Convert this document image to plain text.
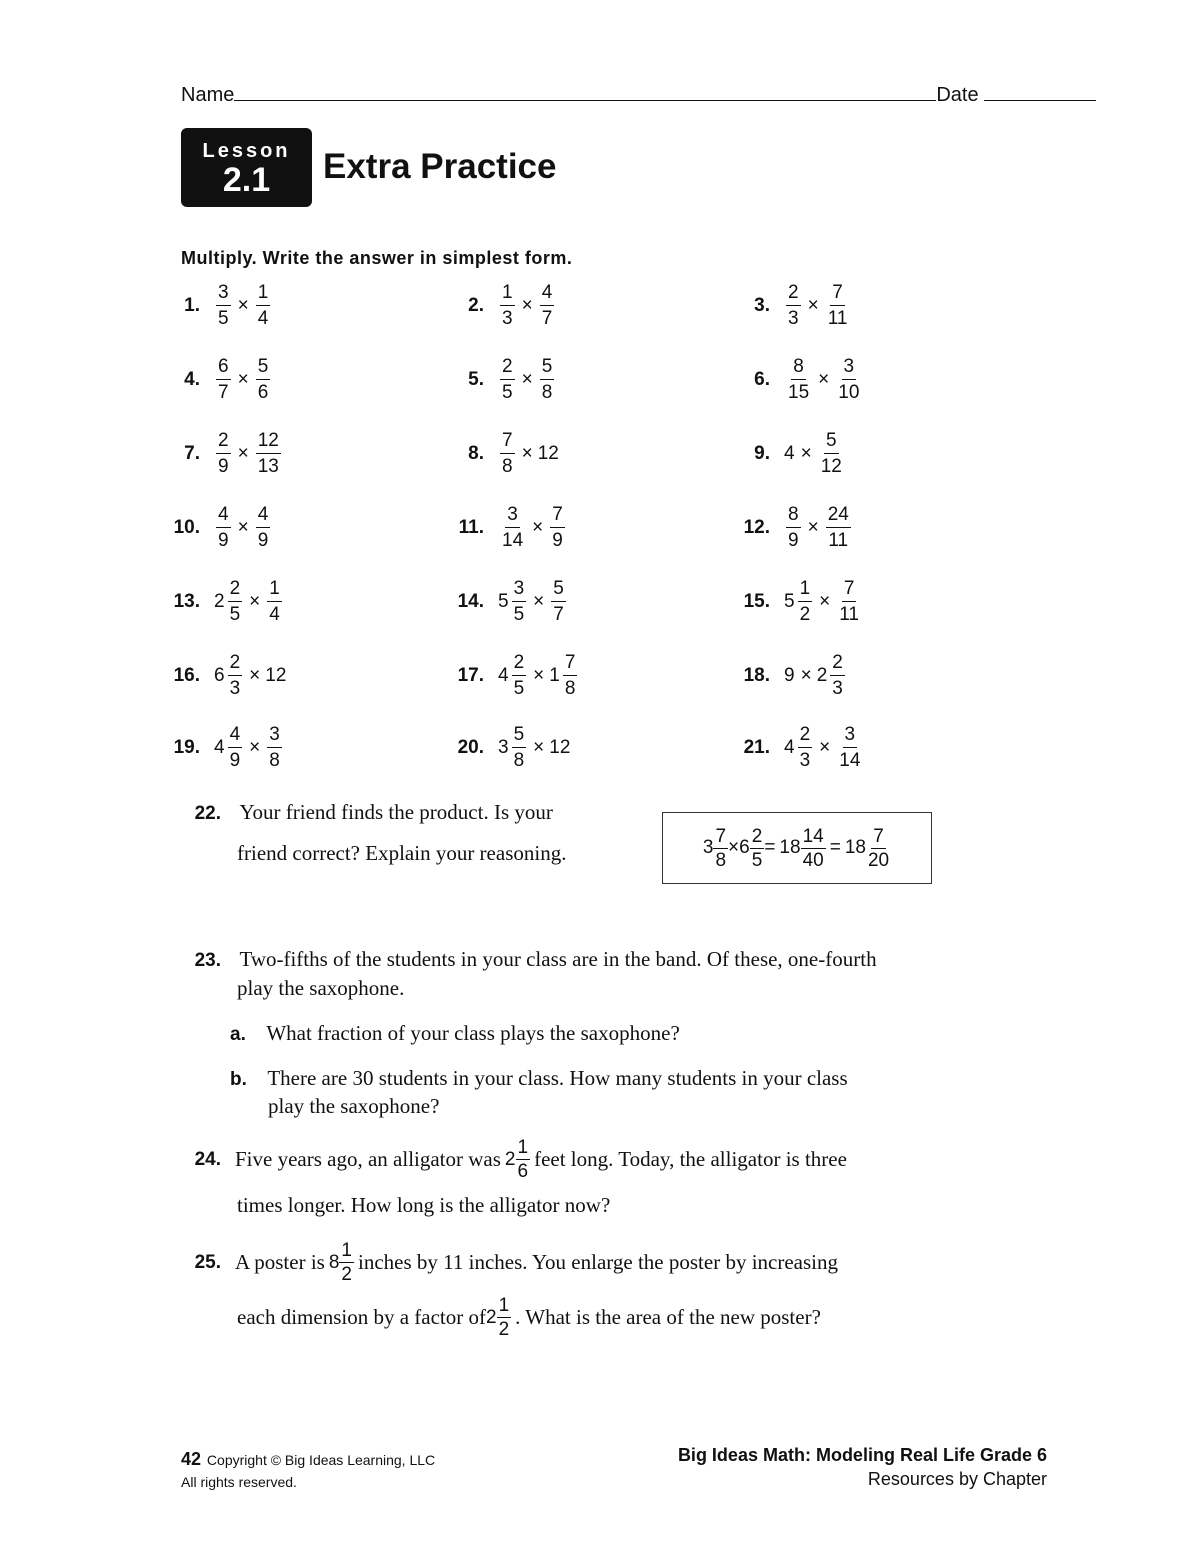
Name	Date
Lesson
2.1	Extra Practice
Multiply. Write the answer in simplest form.
1. $\frac{3}{5} \times \frac{1}{4}$	2. $\frac{1}{3} \times \frac{4}{7}$	3. $\frac{2}{3} \times \frac{7}{11}$
4. $\frac{6}{7} \times \frac{5}{6}$	5. $\frac{2}{5} \times \frac{5}{8}$	6. $\frac{8}{15} \times \frac{3}{10}$
7. $\frac{2}{9} \times \frac{12}{13}$	8. $\frac{7}{8} \times 12$	9. $4 \times \frac{5}{12}$
10. $\frac{4}{9} \times \frac{4}{9}$	11. $\frac{3}{14} \times \frac{7}{9}$	12. $\frac{8}{9} \times \frac{24}{11}$
13. $2 \frac{2}{5} \times \frac{1}{4}$	14. $5 \frac{3}{5} \times \frac{5}{7}$	15. $5 \frac{1}{2} \times \frac{7}{11}$
16. $6 \frac{2}{3} \times 12$	17. $4 \frac{2}{5} \times 1 \frac{7}{8}$	18. $9 \times 2 \frac{2}{3}$
19. $4 \frac{4}{9} \times \frac{3}{8}$	20. $3 \frac{5}{8} \times 12$	21. $4 \frac{2}{3} \times \frac{3}{14}$
22. Your friend finds the product. Is your
friend correct? Explain your reasoning.	$3 \frac{7}{8} \times 6 \frac{2}{5} = 18 \frac{14}{40} = 18 \frac{7}{20}$
23. Two-fifths of the students in your class are in the band. Of these, one-fourth
play the saxophone.
a. What fraction of your class plays the saxophone?
b. There are 30 students in your class. How many students in your class
play the saxophone?
24. Five years ago, an alligator was $2 \frac{1}{6}$ feet long. Today, the alligator is three
times longer. How long is the alligator now?
25. A poster is $8 \frac{1}{2}$ inches by 11 inches. You enlarge the poster by increasing
each dimension by a factor of $2 \frac{1}{2}$ . What is the area of the new poster?
42 Copyright © Big Ideas Learning, LLC
All rights reserved.
Big Ideas Math: Modeling Real Life Grade 6
Resources by Chapter
